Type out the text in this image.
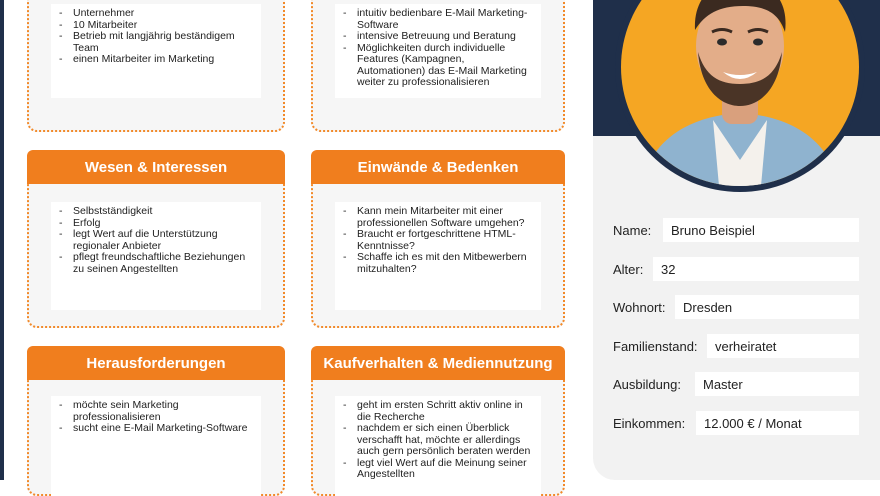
- Unternehmer
- 10 Mitarbeiter
- Betrieb mit langjährig beständigem Team
- einen Mitarbeiter im Marketing
- intuitiv bedienbare E-Mail Marketing-Software
- intensive Betreuung und Beratung
- Möglichkeiten durch individuelle Features (Kampagnen, Automationen) das E-Mail Marketing weiter zu professionalisieren
Wesen & Interessen
- Selbstständigkeit
- Erfolg
- legt Wert auf die Unterstützung regionaler Anbieter
- pflegt freundschaftliche Beziehungen zu seinen Angestellten
Einwände & Bedenken
- Kann mein Mitarbeiter mit einer professionellen Software umgehen?
- Braucht er fortgeschrittene HTML-Kenntnisse?
- Schaffe ich es mit den Mitbewerbern mitzuhalten?
Herausforderungen
- möchte sein Marketing professionalisieren
- sucht eine E-Mail Marketing-Software
Kaufverhalten & Mediennutzung
- geht im ersten Schritt aktiv online in die Recherche
- nachdem er sich einen Überblick verschafft hat, möchte er allerdings auch gern persönlich beraten werden
- legt viel Wert auf die Meinung seiner Angestellten
Name:	Bruno Beispiel
Alter:	32
Wohnort:	Dresden
Familienstand:	verheiratet
Ausbildung:	Master
Einkommen:	12.000 € / Monat
